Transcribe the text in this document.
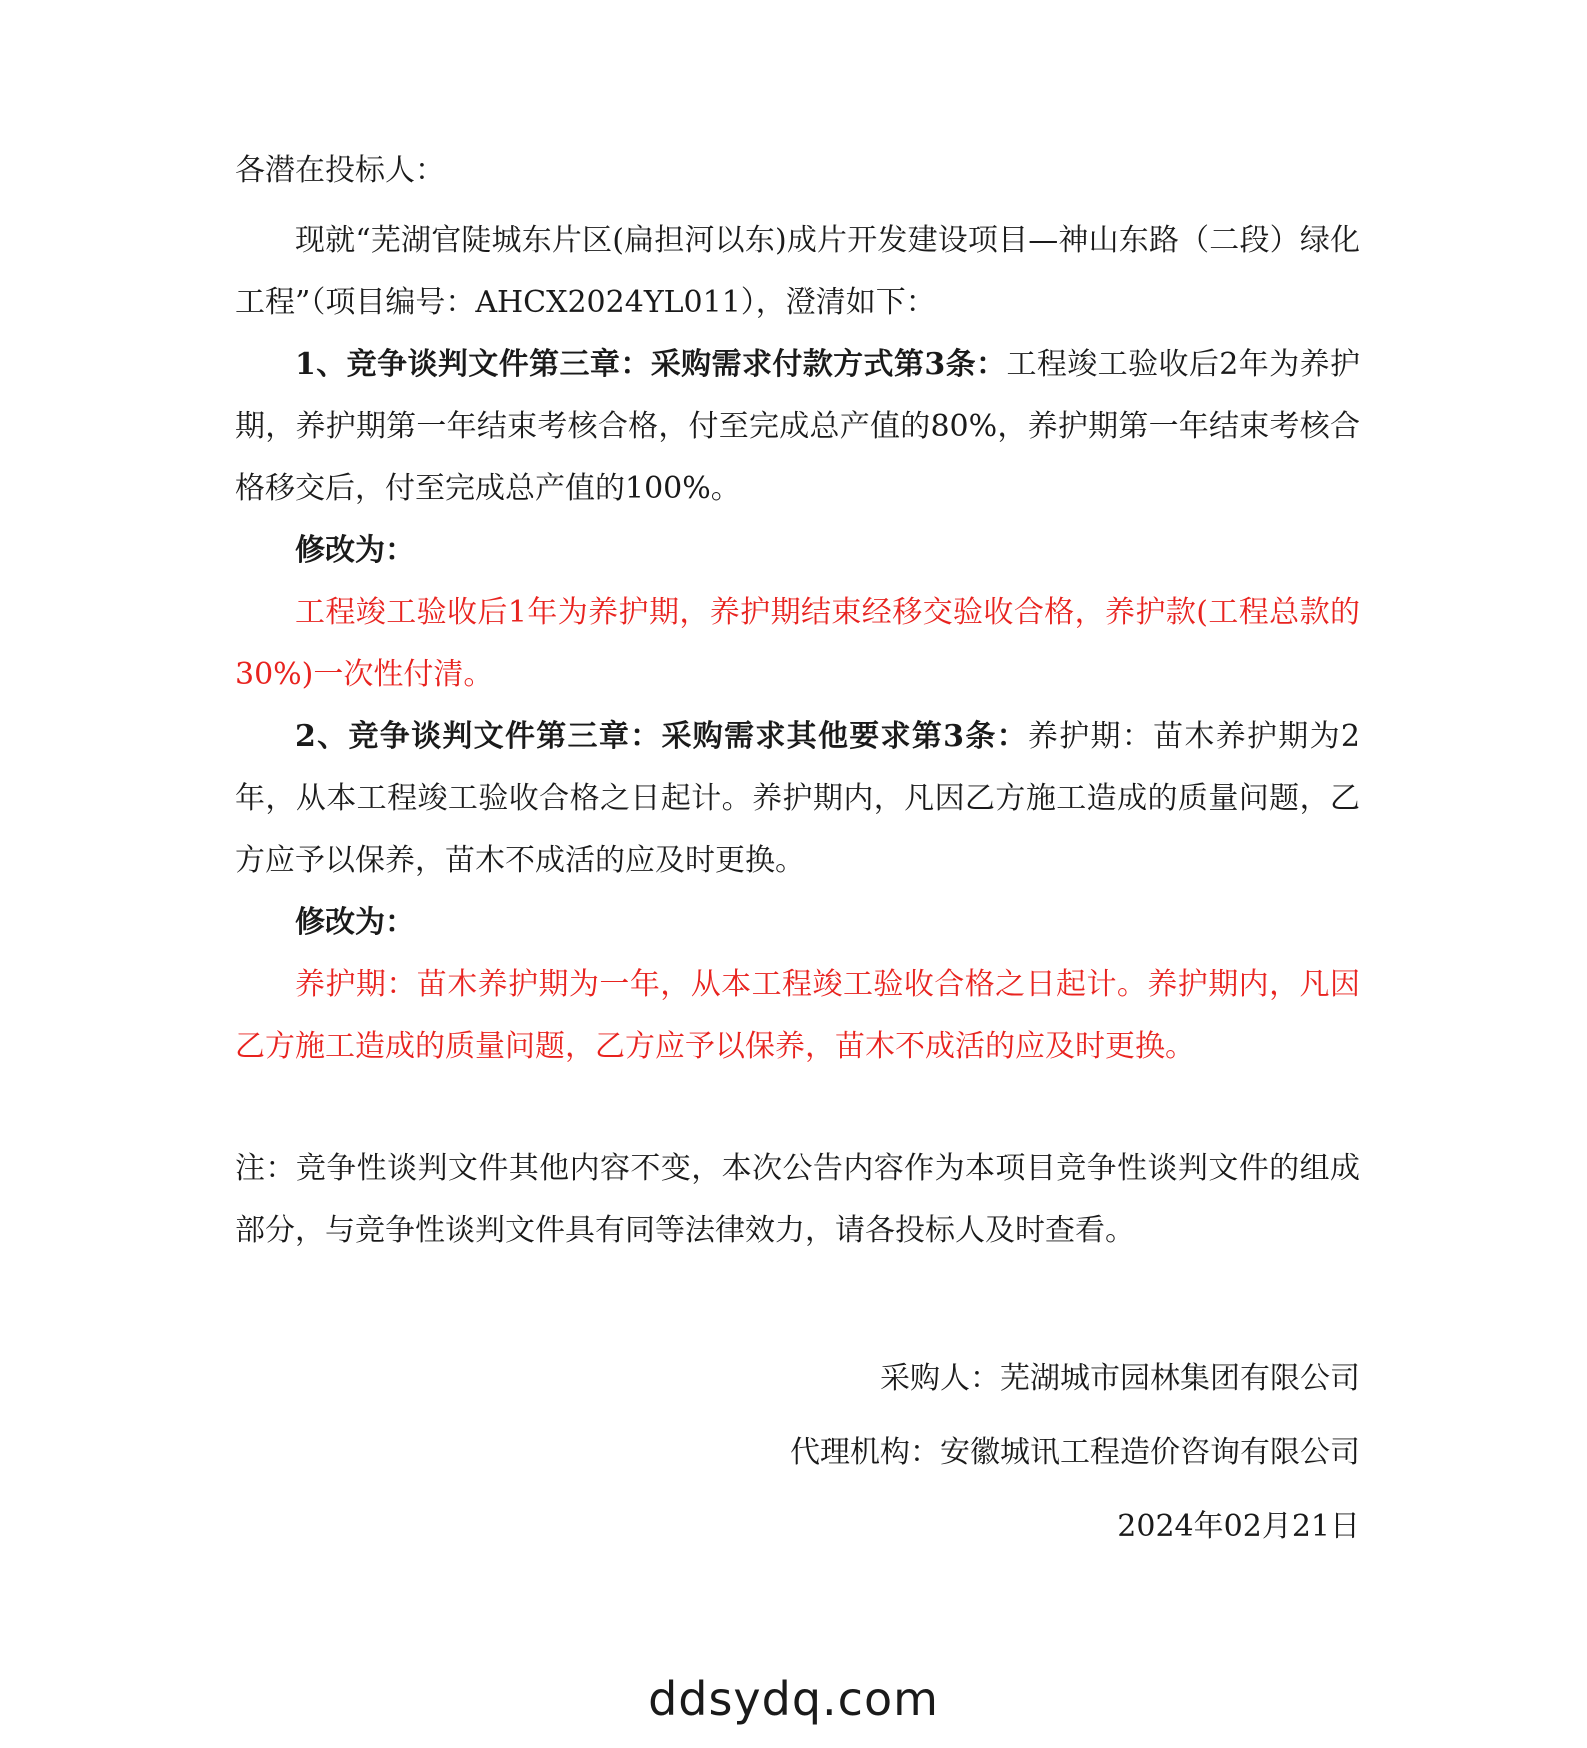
各潜在投标人：

现就“芜湖官陡城东片区(扁担河以东)成片开发建设项目—神山东路（二段）绿化工程”（项目编号：AHCX2024YL011），澄清如下：

1、竞争谈判文件第三章：采购需求付款方式第3条：工程竣工验收后2年为养护期，养护期第一年结束考核合格，付至完成总产值的80%，养护期第一年结束考核合格移交后，付至完成总产值的100%。

修改为：

工程竣工验收后1年为养护期，养护期结束经移交验收合格，养护款(工程总款的30%)一次性付清。

2、竞争谈判文件第三章：采购需求其他要求第3条：养护期：苗木养护期为2年，从本工程竣工验收合格之日起计。养护期内，凡因乙方施工造成的质量问题，乙方应予以保养，苗木不成活的应及时更换。

修改为：

养护期：苗木养护期为一年，从本工程竣工验收合格之日起计。养护期内，凡因乙方施工造成的质量问题，乙方应予以保养，苗木不成活的应及时更换。

注：竞争性谈判文件其他内容不变，本次公告内容作为本项目竞争性谈判文件的组成部分，与竞争性谈判文件具有同等法律效力，请各投标人及时查看。

采购人：芜湖城市园林集团有限公司

代理机构：安徽城讯工程造价咨询有限公司

2024年02月21日

ddsydq.com
